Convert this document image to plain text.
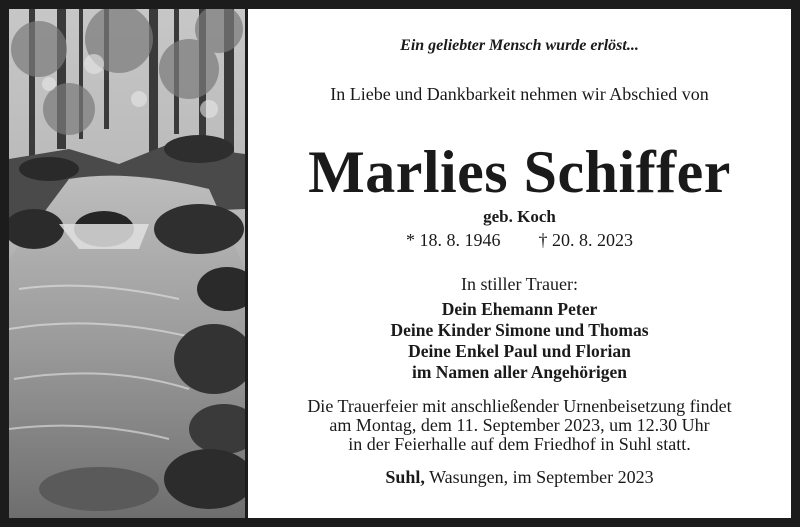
Ein geliebter Mensch wurde erlöst...
In Liebe und Dankbarkeit nehmen wir Abschied von
Marlies Schiffer
geb. Koch
* 18. 8. 1946 † 20. 8. 2023
In stiller Trauer:
Dein Ehemann Peter
Deine Kinder Simone und Thomas
Deine Enkel Paul und Florian
im Namen aller Angehörigen
Die Trauerfeier mit anschließender Urnenbeisetzung findet
am Montag, dem 11. September 2023, um 12.30 Uhr
in der Feierhalle auf dem Friedhof in Suhl statt.
Suhl, Wasungen, im September 2023
